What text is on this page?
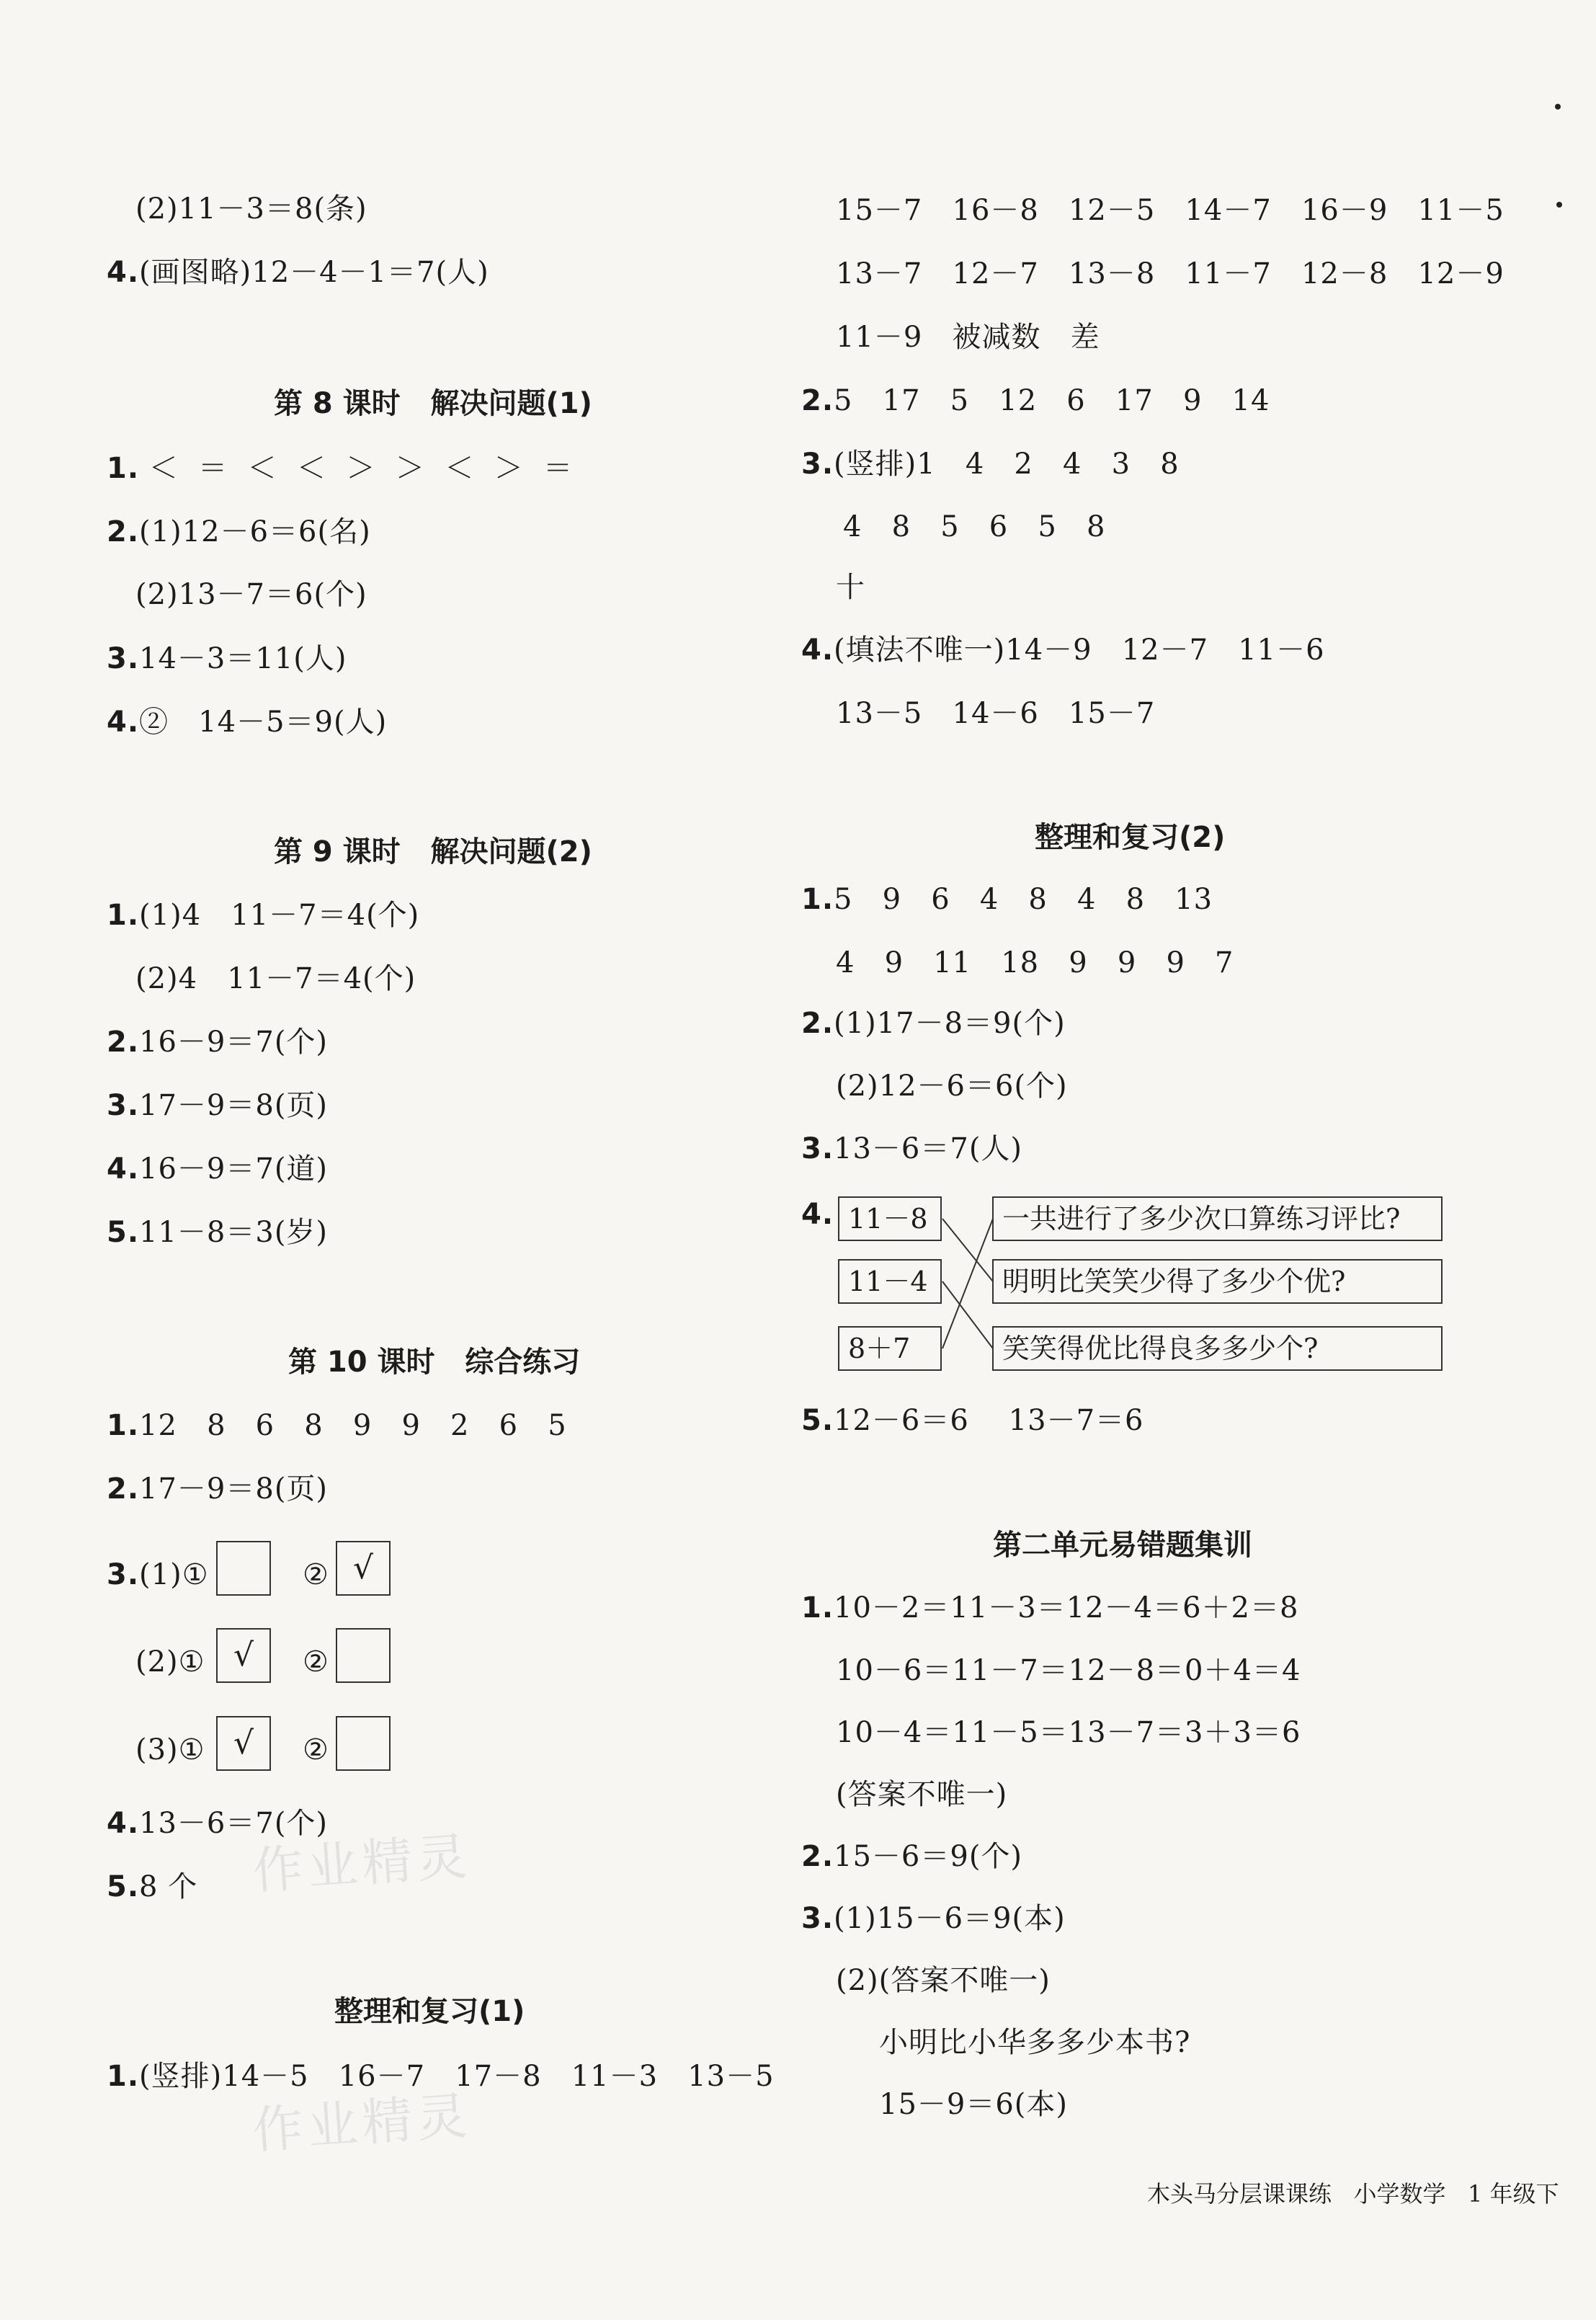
(2)11－3＝8(条)
4.(画图略)12－4－1＝7(人)
第 8 课时   解决问题(1)
1. ＜  ＝  ＜  ＜  ＞  ＞  ＜  ＞  ＝
2.(1)12－6＝6(名)
(2)13－7＝6(个)
3.14－3＝11(人)
4.②   14－5＝9(人)
第 9 课时   解决问题(2)
1.(1)4   11－7＝4(个)
(2)4   11－7＝4(个)
2.16－9＝7(个)
3.17－9＝8(页)
4.16－9＝7(道)
5.11－8＝3(岁)
第 10 课时   综合练习
1.12   8   6   8   9   9   2   6   5
2.17－9＝8(页)
3.(1)①	② √
(2)① √	②
(3)① √	②
4.13－6＝7(个)
5.8 个
整理和复习(1)
1.(竖排)14－5   16－7   17－8   11－3   13－5
作业精灵
作业精灵
15－7   16－8   12－5   14－7   16－9   11－5
13－7   12－7   13－8   11－7   12－8   12－9
11－9   被减数   差
2.5   17   5   12   6   17   9   14
3.(竖排)1   4   2   4   3   8
4   8   5   6   5   8
十
4.(填法不唯一)14－9   12－7   11－6
13－5   14－6   15－7
整理和复习(2)
1.5   9   6   4   8   4   8   13
4   9   11   18   9   9   9   7
2.(1)17－8＝9(个)
(2)12－6＝6(个)
3.13－6＝7(人)
4. 11－8
11－4
8＋7
一共进行了多少次口算练习评比?
明明比笑笑少得了多少个优?
笑笑得优比得良多多少个?
5.12－6＝6    13－7＝6
第二单元易错题集训
1.10－2＝11－3＝12－4＝6＋2＝8
10－6＝11－7＝12－8＝0＋4＝4
10－4＝11－5＝13－7＝3＋3＝6
(答案不唯一)
2.15－6＝9(个)
3.(1)15－6＝9(本)
(2)(答案不唯一)
小明比小华多多少本书?
15－9＝6(本)
木头马分层课课练   小学数学   1 年级下
